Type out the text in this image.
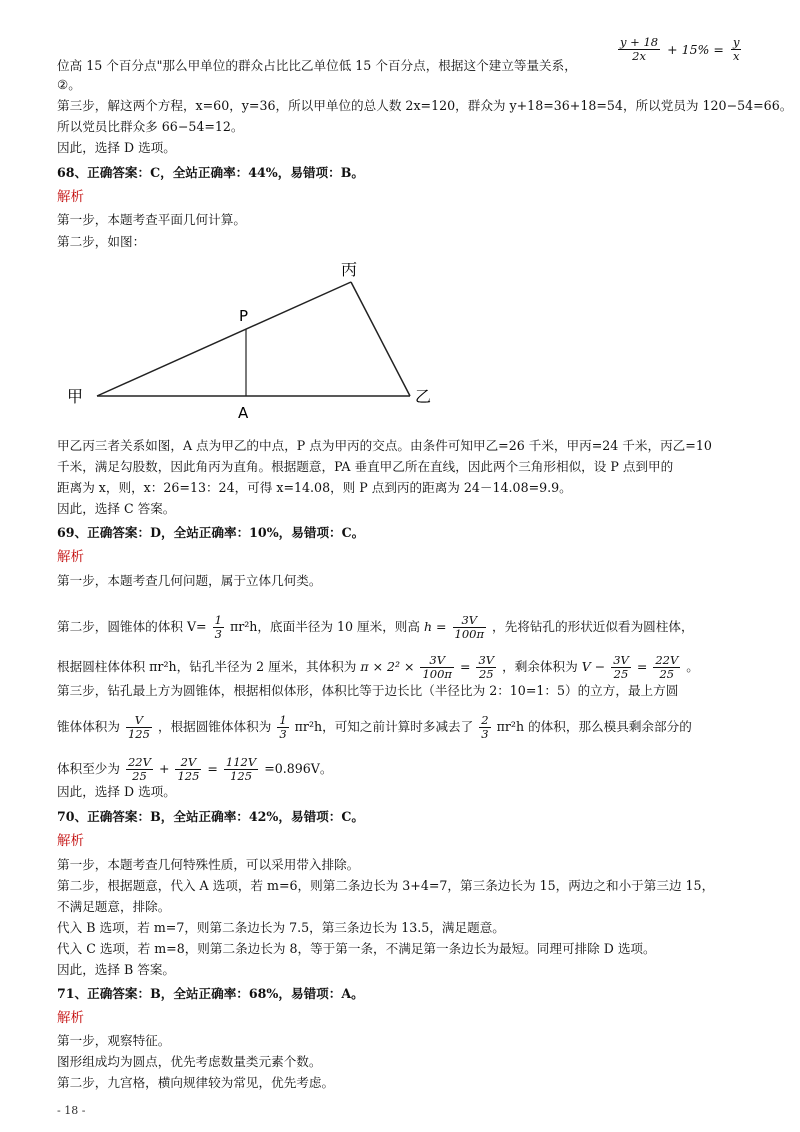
位高 15 个百分点"那么甲单位的群众占比比乙单位低 15 个百分点，根据这个建立等量关系，
$\frac{y + 18}{2x} + 15\% = \frac{y}{x}$
②。
第三步，解这两个方程，x=60，y=36，所以甲单位的总人数 2x=120，群众为 y+18=36+18=54，所以党员为 120−54=66。
所以党员比群众多 66−54=12。
因此，选择 D 选项。
68、正确答案：C，全站正确率：44%，易错项：B。
解析
第一步，本题考查平面几何计算。
第二步，如图：
甲	乙
丙
P
A
甲乙丙三者关系如图，A 点为甲乙的中点，P 点为甲丙的交点。由条件可知甲乙=26 千米，甲丙=24 千米，丙乙=10
千米，满足勾股数，因此角丙为直角。根据题意，PA 垂直甲乙所在直线，因此两个三角形相似，设 P 点到甲的
距离为 x，则，x：26=13：24，可得 x=14.08，则 P 点到丙的距离为 24－14.08=9.9。
因此，选择 C 答案。
69、正确答案：D，全站正确率：10%，易错项：C。
解析
第一步，本题考查几何问题，属于立体几何类。
第二步，圆锥体的体积 $V= \frac{1}{3} \pi r^2h$，底面半径为 10 厘米，则高 $h = \frac{3V}{100\pi}$ ，先将钻孔的形状近似看为圆柱体，
根据圆柱体体积 πr²h，钻孔半径为 2 厘米，其体积为 $\pi \times 2^2 \times \frac{3V}{100\pi} = \frac{3V}{25}$ ，剩余体积为 $V - \frac{3V}{25} = \frac{22V}{25}$ 。
第三步，钻孔最上方为圆锥体，根据相似体形，体积比等于边长比（半径比为 2：10=1：5）的立方，最上方圆
锥体体积为 $\frac{V}{125}$ ，根据圆锥体体积为 $\frac{1}{3} \pi r^2h$，可知之前计算时多减去了 $\frac{2}{3} \pi r^2h$ 的体积，那么模具剩余部分的
体积至少为 $\frac{22V}{25} + \frac{2V}{125} = \frac{112V}{125} =0.896V$。
因此，选择 D 选项。
70、正确答案：B，全站正确率：42%，易错项：C。
解析
第一步，本题考查几何特殊性质，可以采用带入排除。
第二步，根据题意，代入 A 选项，若 m=6，则第二条边长为 3+4=7，第三条边长为 15，两边之和小于第三边 15，
不满足题意，排除。
代入 B 选项，若 m=7，则第二条边长为 7.5，第三条边长为 13.5，满足题意。
代入 C 选项，若 m=8，则第二条边长为 8，等于第一条，不满足第一条边长为最短。同理可排除 D 选项。
因此，选择 B 答案。
71、正确答案：B，全站正确率：68%，易错项：A。
解析
第一步，观察特征。
图形组成均为圆点，优先考虑数量类元素个数。
第二步，九宫格，横向规律较为常见，优先考虑。
- 18 -
